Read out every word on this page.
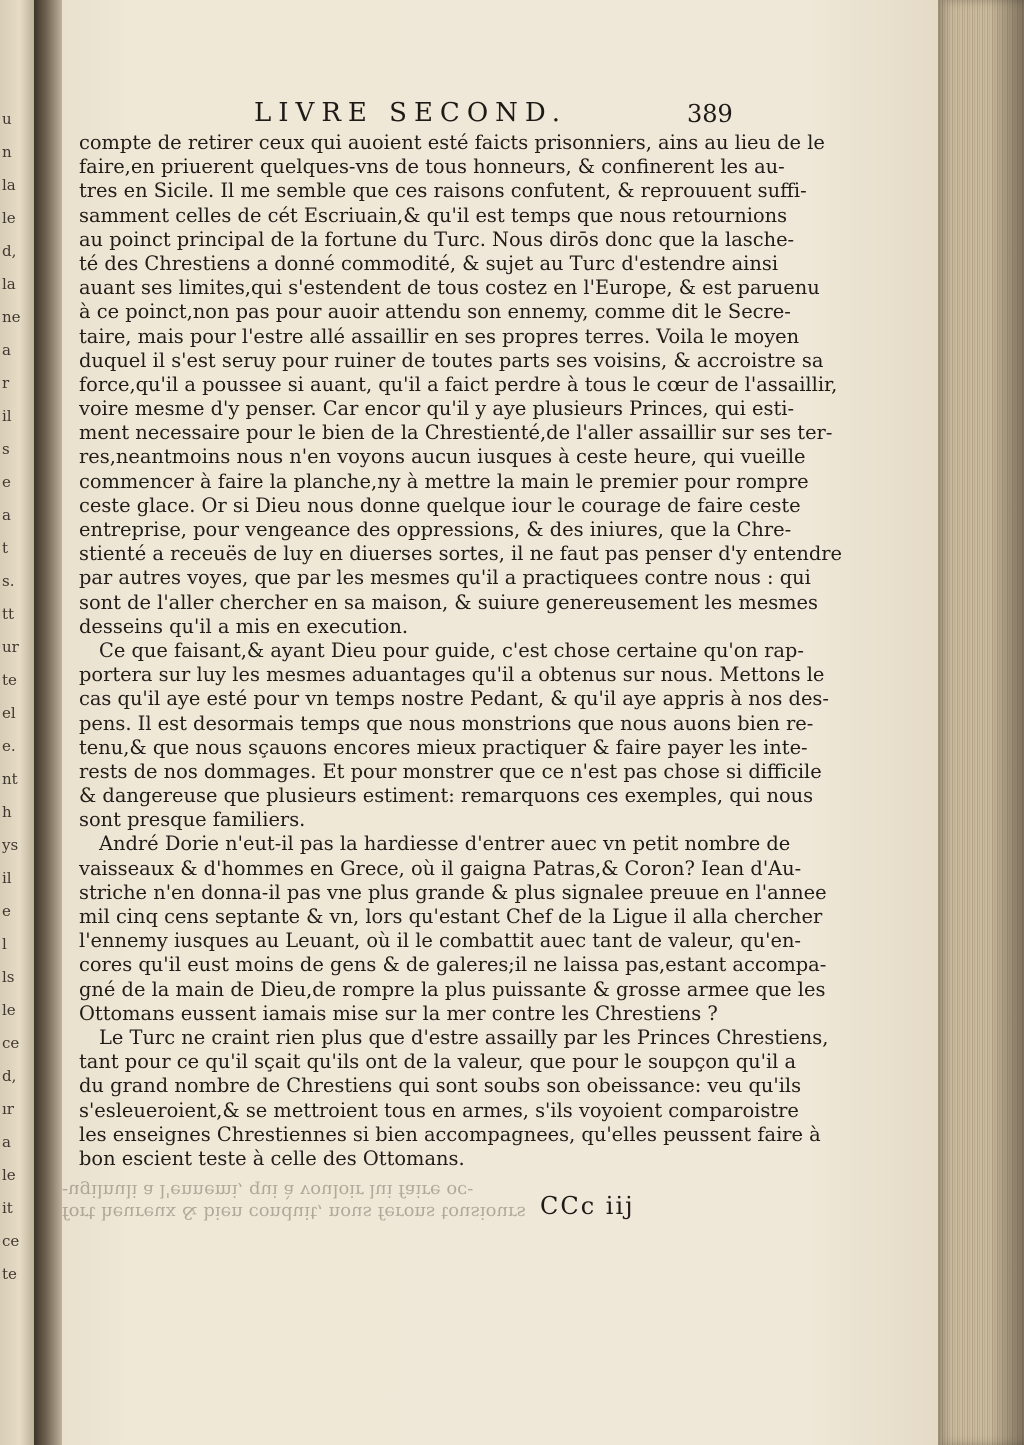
u
n
la
le
d,
la
ne
a
r
il
s
e
a
t
s.
tt
ur
te
el
e.
nt
h
ys
il
e
l
ls
le
ce
d,
ır
a
le
it
ce
te
LIVRE SECOND.	389
compte de retirer ceux qui auoient esté faicts prisonniers, ains au lieu de le
faire,en priuerent quelques-vns de tous honneurs, & confinerent les au-
tres en Sicile. Il me semble que ces raisons confutent, & reprouuent suffi-
samment celles de cét Escriuain,& qu'il est temps que nous retournions
au poinct principal de la fortune du Turc. Nous dirōs donc que la lasche-
té des Chrestiens a donné commodité, & sujet au Turc d'estendre ainsi
auant ses limites,qui s'estendent de tous costez en l'Europe, & est paruenu
à ce poinct,non pas pour auoir attendu son ennemy, comme dit le Secre-
taire, mais pour l'estre allé assaillir en ses propres terres. Voila le moyen
duquel il s'est seruy pour ruiner de toutes parts ses voisins, & accroistre sa
force,qu'il a poussee si auant, qu'il a faict perdre à tous le cœur de l'assaillir,
voire mesme d'y penser. Car encor qu'il y aye plusieurs Princes, qui esti-
ment necessaire pour le bien de la Chrestienté,de l'aller assaillir sur ses ter-
res,neantmoins nous n'en voyons aucun iusques à ceste heure, qui vueille
commencer à faire la planche,ny à mettre la main le premier pour rompre
ceste glace. Or si Dieu nous donne quelque iour le courage de faire ceste
entreprise, pour vengeance des oppressions, & des iniures, que la Chre-
stienté a receuës de luy en diuerses sortes, il ne faut pas penser d'y entendre
par autres voyes, que par les mesmes qu'il a practiquees contre nous : qui
sont de l'aller chercher en sa maison, & suiure genereusement les mesmes
desseins qu'il a mis en execution.
Ce que faisant,& ayant Dieu pour guide, c'est chose certaine qu'on rap-
portera sur luy les mesmes aduantages qu'il a obtenus sur nous. Mettons le
cas qu'il aye esté pour vn temps nostre Pedant, & qu'il aye appris à nos des-
pens. Il est desormais temps que nous monstrions que nous auons bien re-
tenu,& que nous sçauons encores mieux practiquer & faire payer les inte-
rests de nos dommages. Et pour monstrer que ce n'est pas chose si difficile
& dangereuse que plusieurs estiment: remarquons ces exemples, qui nous
sont presque familiers.
André Dorie n'eut-il pas la hardiesse d'entrer auec vn petit nombre de
vaisseaux & d'hommes en Grece, où il gaigna Patras,& Coron? Iean d'Au-
striche n'en donna-il pas vne plus grande & plus signalee preuue en l'annee
mil cinq cens septante & vn, lors qu'estant Chef de la Ligue il alla chercher
l'ennemy iusques au Leuant, où il le combattit auec tant de valeur, qu'en-
cores qu'il eust moins de gens & de galeres;il ne laissa pas,estant accompa-
gné de la main de Dieu,de rompre la plus puissante & grosse armee que les
Ottomans eussent iamais mise sur la mer contre les Chrestiens ?
Le Turc ne craint rien plus que d'estre assailly par les Princes Chrestiens,
tant pour ce qu'il sçait qu'ils ont de la valeur, que pour le soupçon qu'il a
du grand nombre de Chrestiens qui sont soubs son obeissance: veu qu'ils
s'esleueroient,& se mettroient tous en armes, s'ils voyoient comparoistre
les enseignes Chrestiennes si bien accompagnees, qu'elles peussent faire à
bon escient teste à celle des Ottomans.
fort heureux & bien conduit, nous ferons tousiours
-ugilnuli a l'ennemi, qui à vouloir lui faire oc-
CCc iij
